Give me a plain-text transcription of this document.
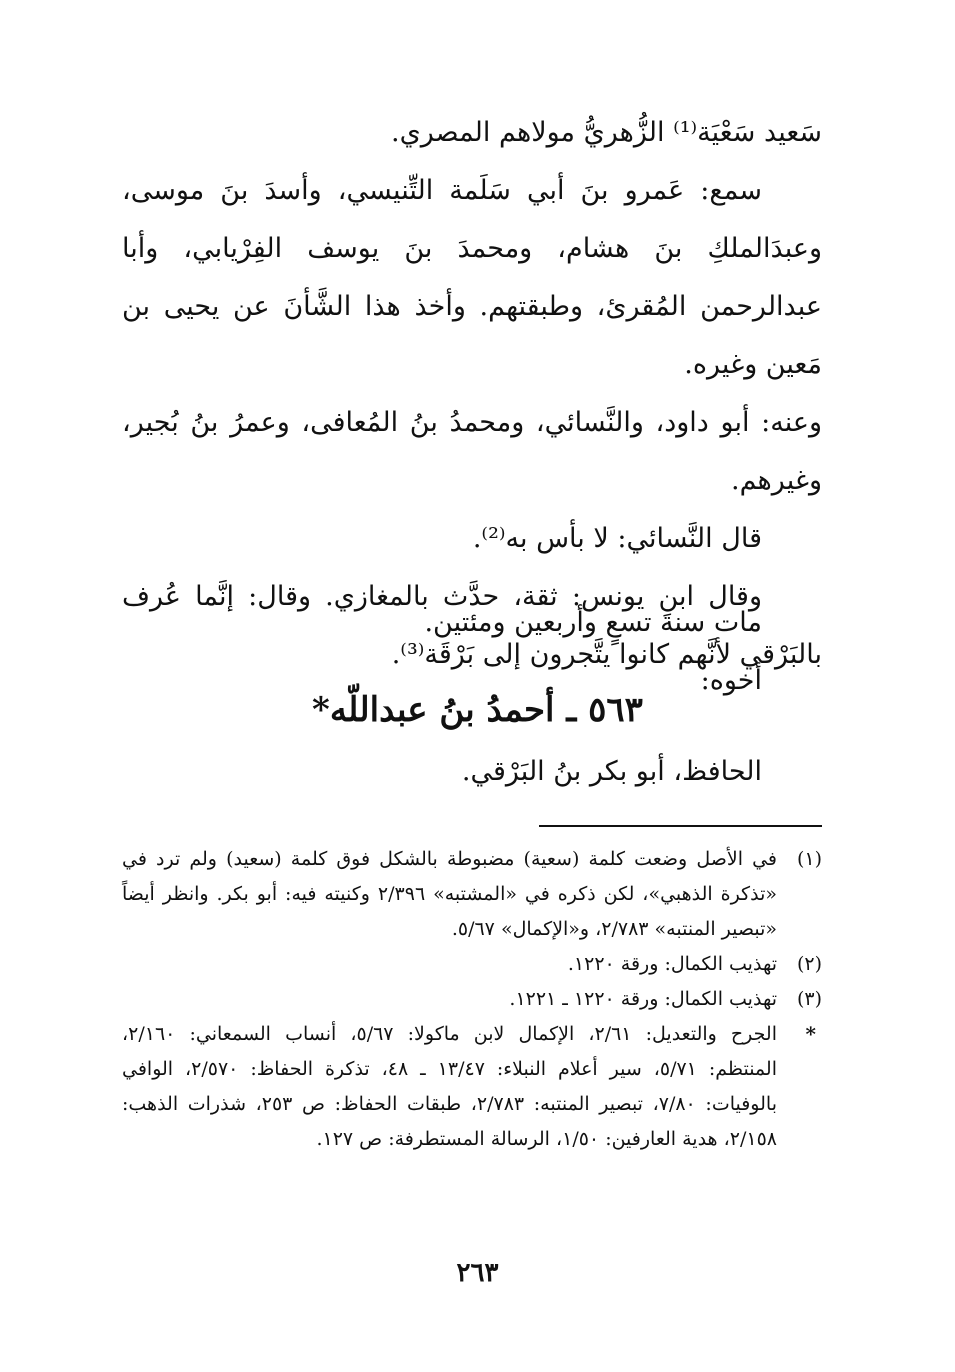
سَعيد سَعْيَة⁽¹⁾ الزُّهريُّ مولاهم المصري.

سمع: عَمرو بنَ أبي سَلَمة التِّنيسي، وأسدَ بنَ موسى، وعبدَالملكِ بنَ هشام، ومحمدَ بنَ يوسف الفِرْيابي، وأبا عبدالرحمن المُقرئ، وطبقتهم. وأخذ هذا الشَّأنَ عن يحيى بن مَعين وغيره.

وعنه: أبو داود، والنَّسائي، ومحمدُ بنُ المُعافى، وعمرُ بنُ بُجير، وغيرهم.

قال النَّسائي: لا بأس به⁽²⁾.

وقال ابن يونس: ثقة، حدَّث بالمغازي. وقال: إنَّما عُرف بالبَرْقي لأنَّهم كانوا يتَّجرون إلى بَرْقَة⁽³⁾.

مات سنةَ تسعٍ وأربعين ومئتين.

أخوه:

٥٦٣ ـ أحمدُ بنُ عبداللّه*

الحافظ، أبو بكر بنُ البَرْقي.

(١)
في الأصل وضعت كلمة (سعية) مضبوطة بالشكل فوق كلمة (سعيد) ولم ترد في «تذكرة الذهبي»، لكن ذكره في «المشتبه» ٢/٣٩٦ وكنيته فيه: أبو بكر. وانظر أيضاً «تبصير المنتبه» ٢/٧٨٣، و«الإكمال» ٥/٦٧.
(٢)
تهذيب الكمال: ورقة ١٢٢٠.
(٣)
تهذيب الكمال: ورقة ١٢٢٠ ـ ١٢٢١.
*
الجرح والتعديل: ٢/٦١، الإكمال لابن ماكولا: ٥/٦٧، أنساب السمعاني: ٢/١٦٠، المنتظم: ٥/٧١، سير أعلام النبلاء: ١٣/٤٧ ـ ٤٨، تذكرة الحفاظ: ٢/٥٧٠، الوافي بالوفيات: ٧/٨٠، تبصير المنتبه: ٢/٧٨٣، طبقات الحفاظ: ص ٢٥٣، شذرات الذهب: ٢/١٥٨، هدية العارفين: ١/٥٠، الرسالة المستطرفة: ص ١٢٧.
٢٦٣
